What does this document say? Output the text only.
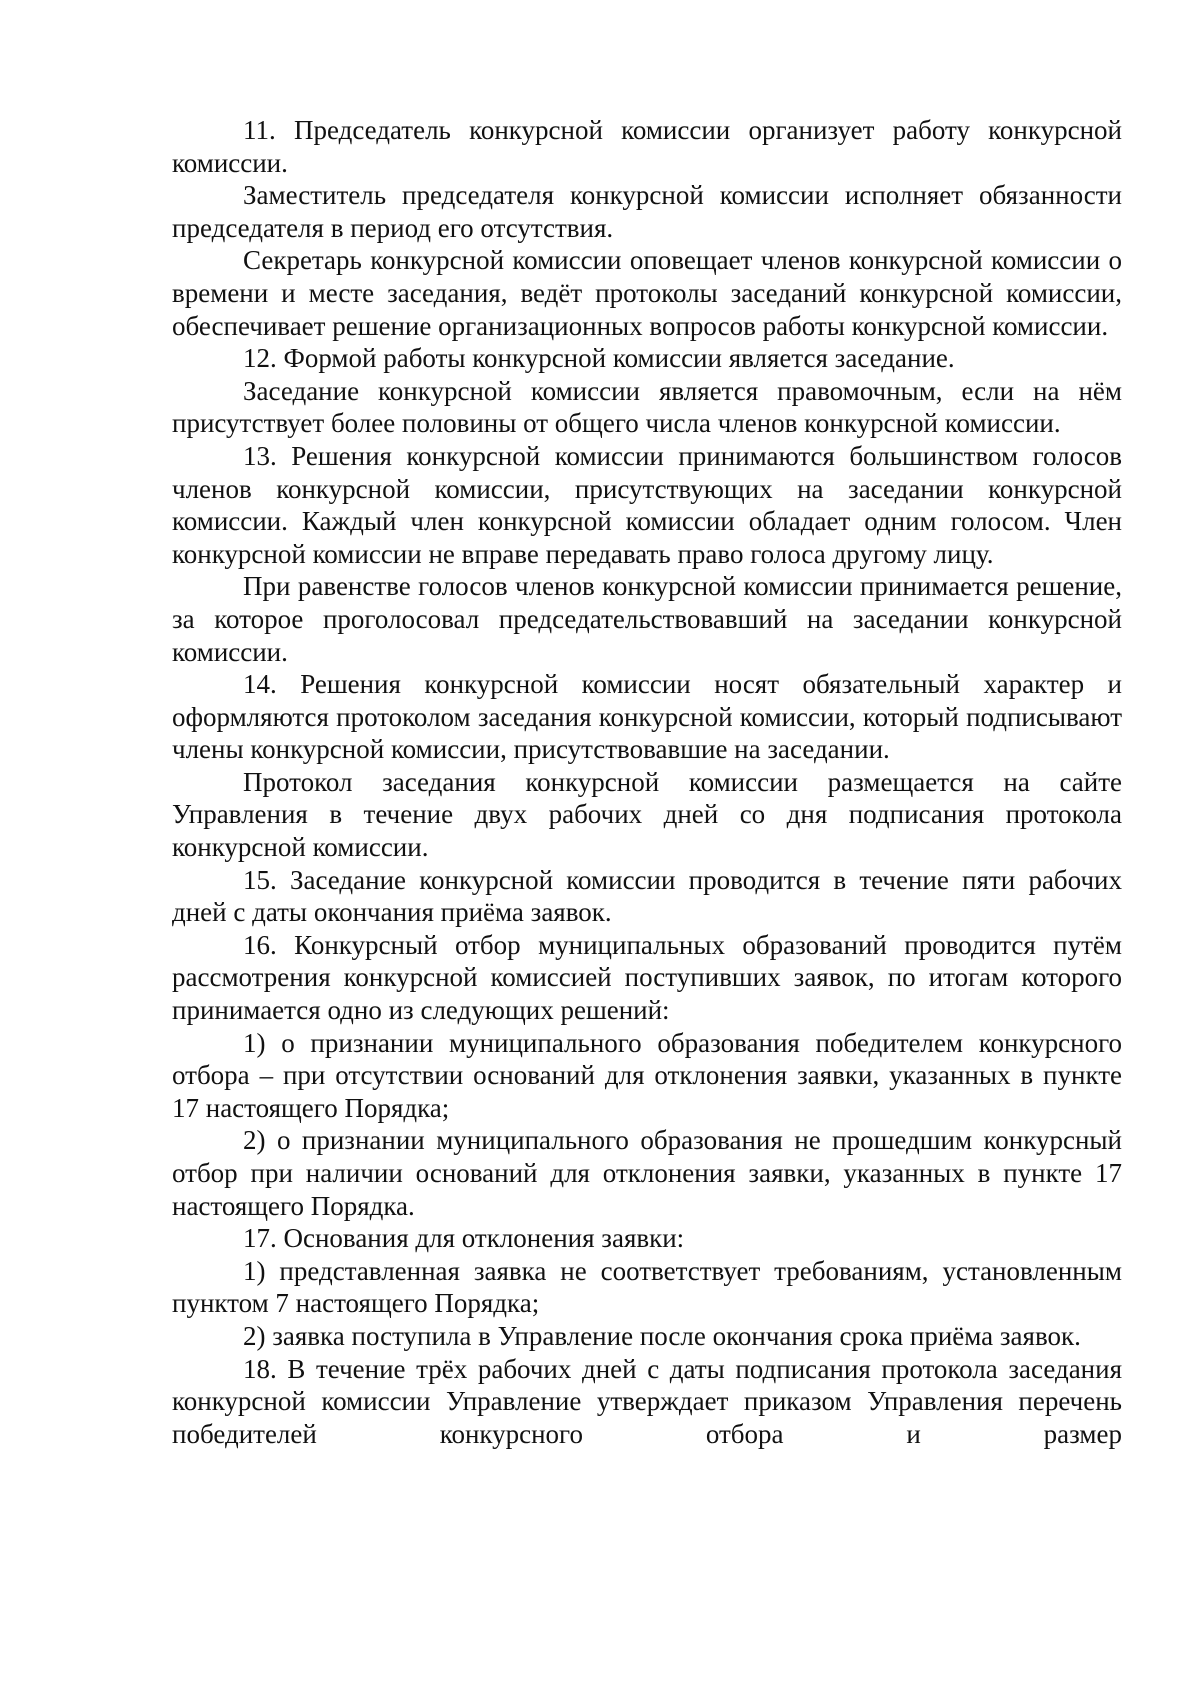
11. Председатель конкурсной комиссии организует работу конкурсной комиссии.

Заместитель председателя конкурсной комиссии исполняет обязанности председателя в период его отсутствия.

Секретарь конкурсной комиссии оповещает членов конкурсной комиссии о времени и месте заседания, ведёт протоколы заседаний конкурсной комиссии, обеспечивает решение организационных вопросов работы конкурсной комиссии.

12. Формой работы конкурсной комиссии является заседание.

Заседание конкурсной комиссии является правомочным, если на нём присутствует более половины от общего числа членов конкурсной комиссии.

13. Решения конкурсной комиссии принимаются большинством голосов членов конкурсной комиссии, присутствующих на заседании конкурсной комиссии. Каждый член конкурсной комиссии обладает одним голосом. Член конкурсной комиссии не вправе передавать право голоса другому лицу.

При равенстве голосов членов конкурсной комиссии принимается решение, за которое проголосовал председательствовавший на заседании конкурсной комиссии.

14. Решения конкурсной комиссии носят обязательный характер и оформляются протоколом заседания конкурсной комиссии, который подписывают члены конкурсной комиссии, присутствовавшие на заседании.

Протокол заседания конкурсной комиссии размещается на сайте Управления в течение двух рабочих дней со дня подписания протокола конкурсной комиссии.

15. Заседание конкурсной комиссии проводится в течение пяти рабочих дней с даты окончания приёма заявок.

16. Конкурсный отбор муниципальных образований проводится путём рассмотрения конкурсной комиссией поступивших заявок, по итогам которого принимается одно из следующих решений:

1) о признании муниципального образования победителем конкурсного отбора – при отсутствии оснований для отклонения заявки, указанных в пункте 17 настоящего Порядка;

2) о признании муниципального образования не прошедшим конкурсный отбор при наличии оснований для отклонения заявки, указанных в пункте 17 настоящего Порядка.

17. Основания для отклонения заявки:

1) представленная заявка не соответствует требованиям, установленным пунктом 7 настоящего Порядка;

2) заявка поступила в Управление после окончания срока приёма заявок.

18. В течение трёх рабочих дней с даты подписания протокола заседания конкурсной комиссии Управление утверждает приказом Управления перечень победителей конкурсного отбора и размер
